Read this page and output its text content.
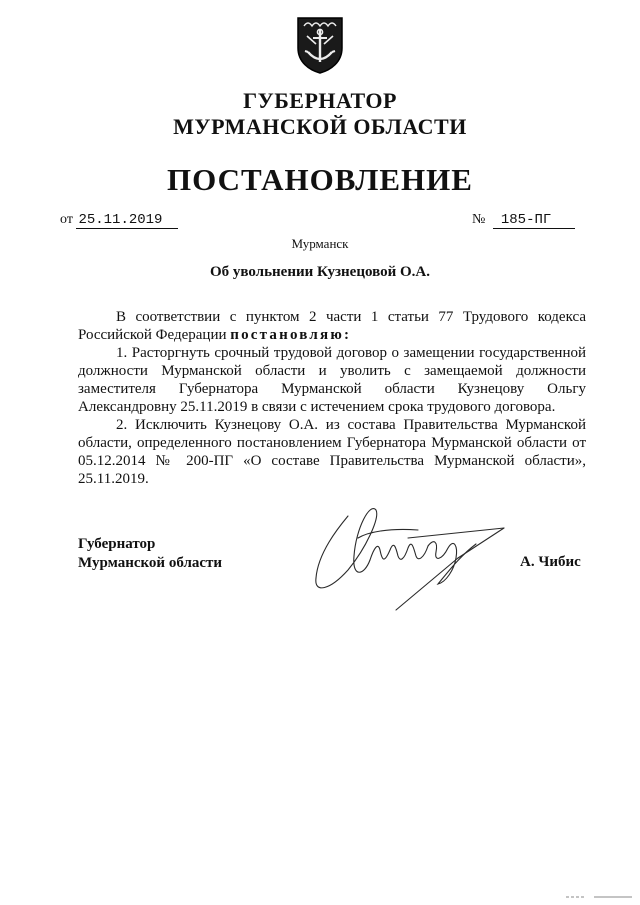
ГУБЕРНАТОР
МУРМАНСКОЙ ОБЛАСТИ
ПОСТАНОВЛЕНИЕ
от 25.11.2019	№ 185-ПГ
Мурманск
Об увольнении Кузнецовой О.А.

В соответствии с пунктом 2 части 1 статьи 77 Трудового кодекса Российской Федерации постановляю:

1. Расторгнуть срочный трудовой договор о замещении государственной должности Мурманской области и уволить с замещаемой должности заместителя Губернатора Мурманской области Кузнецову Ольгу Александровну 25.11.2019 в связи с истечением срока трудового договора.

2. Исключить Кузнецову О.А. из состава Правительства Мурманской области, определенного постановлением Губернатора Мурманской области от 05.12.2014 № 200-ПГ «О составе Правительства Мурманской области», 25.11.2019.

Губернатор
Мурманской области	А. Чибис
